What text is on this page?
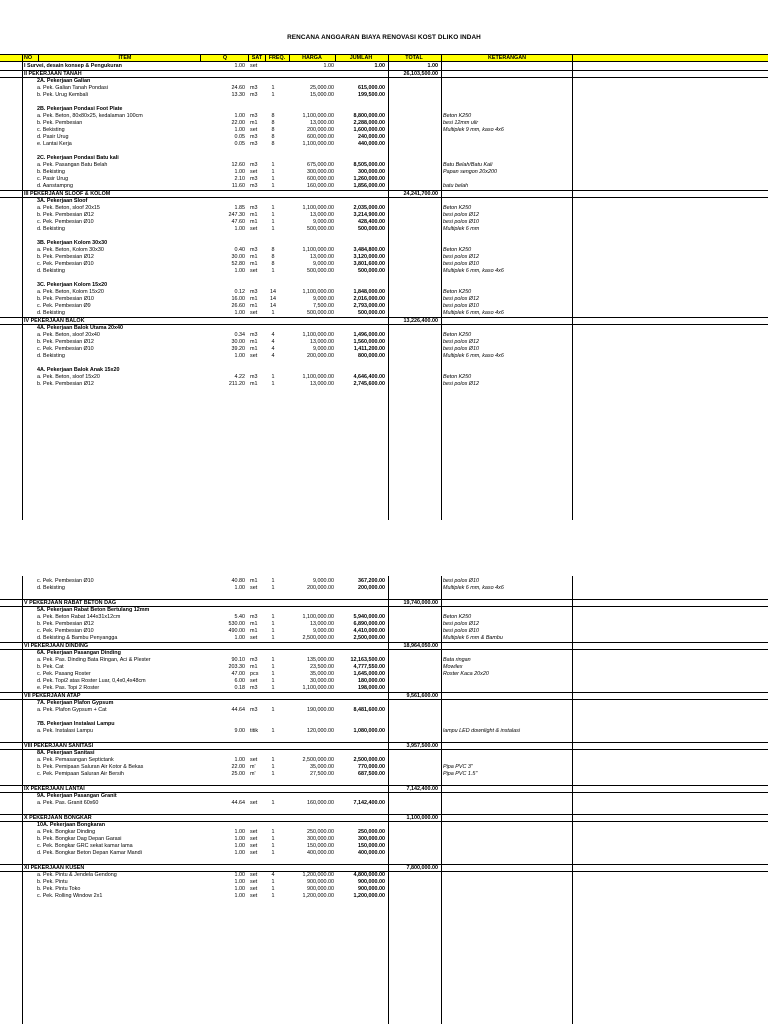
RENCANA ANGGARAN BIAYA RENOVASI KOST DLIKO INDAH
NO	ITEM	Q	SAT	FREQ.	HARGA	JUMLAH	TOTAL	KETERANGAN
I Survei, desain konsep & Pengukuran	1.00 set	1.00	1.00	1.00
II PEKERJAAN TANAH	26,103,500.00
2A. Pekerjaan Galian
a. Pek. Galian Tanah Pondasi	24.60 m3	1	25,000.00	615,000.00
b. Pek. Urug Kembali	13.30 m3	1	15,000.00	199,500.00
2B. Pekerjaan Pondasi Foot Plate
a. Pek. Beton, 80x80x25, kedalaman 100cm	1.00 m3	8	1,100,000.00	8,800,000.00	Beton K250
b. Pek. Pembesian	22.00 m1	8	13,000.00	2,288,000.00	besi 12mm ulir
c. Bekisting	1.00 set	8	200,000.00	1,600,000.00	Multiplek 9 mm, kaso 4x6
d. Pasir Urug	0.05 m3	8	600,000.00	240,000.00
e. Lantai Kerja	0.05 m3	8	1,100,000.00	440,000.00
2C. Pekerjaan Pondasi Batu kali
a. Pek. Pasangan Batu Belah	12.60 m3	1	675,000.00	8,505,000.00	Batu Belah/Batu Kali
b. Bekisting	1.00 set	1	300,000.00	300,000.00	Papan sengon 20x200
c. Pasir Urug	2.10 m3	1	600,000.00	1,260,000.00
d. Aanstampng	11.60 m3	1	160,000.00	1,856,000.00	batu belah
III PEKERJAAN SLOOF & KOLOM	24,241,700.00
3A. Pekerjaan Sloof
a. Pek. Beton, sloof 20x15	1.85 m3	1	1,100,000.00	2,035,000.00	Beton K250
b. Pek. Pembesian Ø12	247.30 m1	1	13,000.00	3,214,900.00	besi polos Ø12
c. Pek. Pembesian Ø10	47.60 m1	1	9,000.00	428,400.00	besi polos Ø10
d. Bekisting	1.00 set	1	500,000.00	500,000.00	Multiplek 6 mm
3B. Pekerjaan Kolom 30x30
a. Pek. Beton, Kolom 30x30	0.40 m3	8	1,100,000.00	3,484,800.00	Beton K250
b. Pek. Pembesian Ø12	30.00 m1	8	13,000.00	3,120,000.00	besi polos Ø12
c. Pek. Pembesian Ø10	52.80 m1	8	9,000.00	3,801,600.00	besi polos Ø10
d. Bekisting	1.00 set	1	500,000.00	500,000.00	Multiplek 6 mm, kaso 4x6
3C. Pekerjaan Kolom 15x20
a. Pek. Beton, Kolom 15x20	0.12 m3	14	1,100,000.00	1,848,000.00	Beton K250
b. Pek. Pembesian Ø10	16.00 m1	14	9,000.00	2,016,000.00	besi polos Ø12
c. Pek. Pembesian Ø9	26.60 m1	14	7,500.00	2,793,000.00	besi polos Ø10
d. Bekisting	1.00 set	1	500,000.00	500,000.00	Multiplek 6 mm, kaso 4x6
IV PEKERJAAN BALOK	13,226,400.00
4A. Pekerjaan Balok Utama 20x40
a. Pek. Beton, sloof 20x40	0.34 m3	4	1,100,000.00	1,496,000.00	Beton K250
b. Pek. Pembesian Ø12	30.00 m1	4	13,000.00	1,560,000.00	besi polos Ø12
c. Pek. Pembesian Ø10	39.20 m1	4	9,000.00	1,411,200.00	besi polos Ø10
d. Bekisting	1.00 set	4	200,000.00	800,000.00	Multiplek 6 mm, kaso 4x6
4A. Pekerjaan Balok Anak 15x20
a. Pek. Beton, sloof 15x20	4.22 m3	1	1,100,000.00	4,646,400.00	Beton K250
b. Pek. Pembesian Ø12	211.20 m1	1	13,000.00	2,745,600.00	besi polos Ø12
c. Pek. Pembesian Ø10	40.80 m1	1	9,000.00	367,200.00	besi polos Ø10
d. Bekisting	1.00 set	1	200,000.00	200,000.00	Multiplek 6 mm, kaso 4x6
V PEKERJAAN RABAT BETON DAG	19,740,000.00
5A. Pekerjaan Rabat Beton Bertulang 12mm
a. Pek. Beton Rabat 144x31x12cm	5.40 m3	1	1,100,000.00	5,940,000.00	Beton K250
b. Pek. Pembesian Ø12	530.00 m1	1	13,000.00	6,890,000.00	besi polos Ø12
c. Pek. Pembesian Ø10	490.00 m1	1	9,000.00	4,410,000.00	besi polos Ø10
d. Bekisting & Bambu Penyangga	1.00 set	1	2,500,000.00	2,500,000.00	Multiplek 6 mm & Bambu
VI PEKERJAAN DINDING	18,964,050.00
6A. Pekerjaan Pasangan Dinding
a. Pek. Pas. Dinding Bata Ringan, Aci & Plester	90.10 m3	1	135,000.00	12,163,500.00	Bata ringan
b. Pek. Cat	203.30 m1	1	23,500.00	4,777,550.00	Mowilex
c. Pek. Pasang Roster	47.00 pcs	1	35,000.00	1,645,000.00	Roster Kaca 20x20
d. Pek. Topi2 atas Roster Luar, 0,4x0,4x48cm	6.00 set	1	30,000.00	180,000.00
e. Pek. Pas. Topi 2 Roster	0.18 m3	1	1,100,000.00	198,000.00
VII PEKERJAAN ATAP	9,561,600.00
7A. Pekerjaan Plafon Gypsum
a. Pek. Plafon Gypsum + Cat	44.64 m3	1	190,000.00	8,481,600.00
7B. Pekerjaan Instalasi Lampu
a. Pek. Instalasi Lampu	9.00 titik	1	120,000.00	1,080,000.00	lampu LED downlight & instalasi
VIII PEKERJAAN SANITASI	3,957,500.00
8A. Pekerjaan Sanitasi
a. Pek. Pemasangan Septictank	1.00 set	1	2,500,000.00	2,500,000.00
b. Pek. Pemipaan Saluran Air Kotor & Bekas	22.00 m'	1	35,000.00	770,000.00	Pipa PVC 3"
c. Pek. Pemipaan Saluran Air Bersih	25.00 m'	1	27,500.00	687,500.00	Pipa PVC 1.5"
IX PEKERJAAN LANTAI	7,142,400.00
9A. Pekerjaan Pasangan Granit
a. Pek. Pas. Granit 60x60	44.64 set	1	160,000.00	7,142,400.00
X PEKERJAAN BONGKAR	1,100,000.00
10A. Pekerjaan Bongkaran
a. Pek. Bongkar Dinding	1.00 set	1	250,000.00	250,000.00
b. Pek. Bongkar Dag Depan Garasi	1.00 set	1	300,000.00	300,000.00
c. Pek. Bongkar GRC sekat kamar lama	1.00 set	1	150,000.00	150,000.00
d. Pek. Bongkar Beton Depan Kamar Mandi	1.00 set	1	400,000.00	400,000.00
XI PEKERJAAN KUSEN	7,800,000.00
a. Pek. Pintu & Jendela Gendong	1.00 set	4	1,200,000.00	4,800,000.00
b. Pek. Pintu	1.00 set	1	900,000.00	900,000.00
b. Pek. Pintu Toko	1.00 set	1	900,000.00	900,000.00
c. Pek. Rolling Window 2x1	1.00 set	1	1,200,000.00	1,200,000.00
